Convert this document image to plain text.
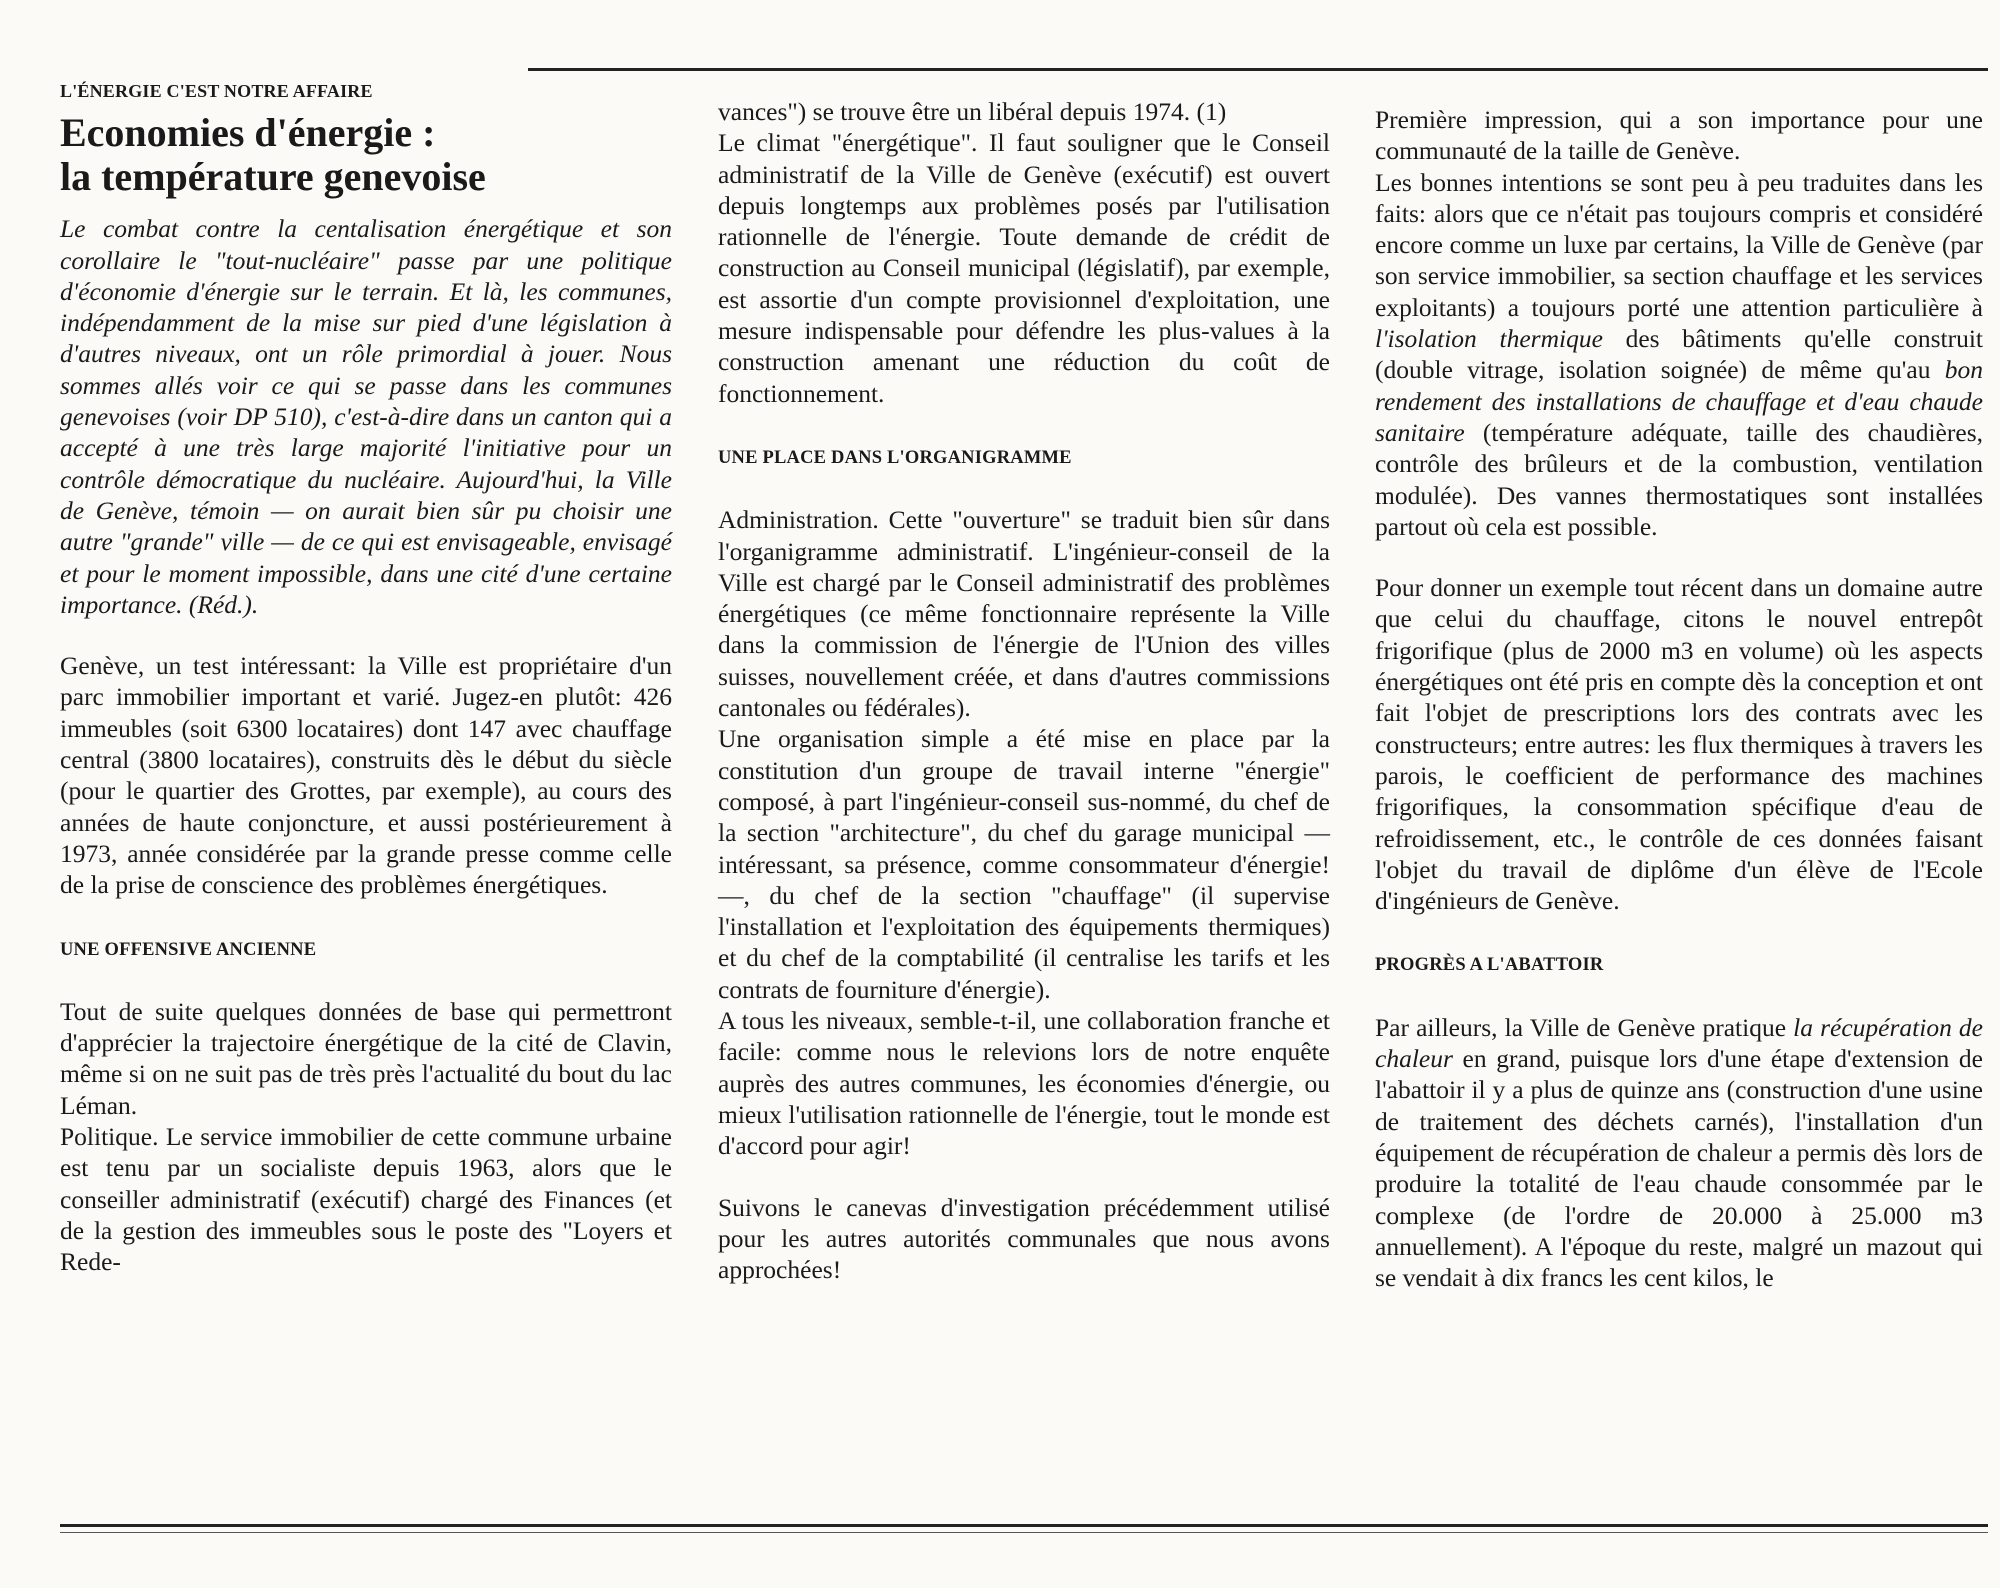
L'ÉNERGIE C'EST NOTRE AFFAIRE
Economies d'énergie :
la température genevoise

Le combat contre la centalisation énergétique et son corollaire le "tout-nucléaire" passe par une politique d'économie d'énergie sur le terrain. Et là, les communes, indépendamment de la mise sur pied d'une législation à d'autres niveaux, ont un rôle primordial à jouer. Nous sommes allés voir ce qui se passe dans les communes genevoises (voir DP 510), c'est-à-dire dans un canton qui a accepté à une très large majorité l'initiative pour un contrôle démocratique du nucléaire. Aujourd'hui, la Ville de Genève, témoin — on aurait bien sûr pu choisir une autre "grande" ville — de ce qui est envisageable, envisagé et pour le moment impossible, dans une cité d'une certaine importance. (Réd.).

Genève, un test intéressant: la Ville est propriétaire d'un parc immobilier important et varié. Jugez-en plutôt: 426 immeubles (soit 6300 locataires) dont 147 avec chauffage central (3800 locataires), construits dès le début du siècle (pour le quartier des Grottes, par exemple), au cours des années de haute conjoncture, et aussi postérieurement à 1973, année considérée par la grande presse comme celle de la prise de conscience des problèmes énergétiques.

UNE OFFENSIVE ANCIENNE

Tout de suite quelques données de base qui permettront d'apprécier la trajectoire énergétique de la cité de Clavin, même si on ne suit pas de très près l'actualité du bout du lac Léman.

Politique. Le service immobilier de cette commune urbaine est tenu par un socialiste depuis 1963, alors que le conseiller administratif (exécutif) chargé des Finances (et de la gestion des immeubles sous le poste des "Loyers et Rede-

vances") se trouve être un libéral depuis 1974. (1)

Le climat "énergétique". Il faut souligner que le Conseil administratif de la Ville de Genève (exécutif) est ouvert depuis longtemps aux problèmes posés par l'utilisation rationnelle de l'énergie. Toute demande de crédit de construction au Conseil municipal (législatif), par exemple, est assortie d'un compte provisionnel d'exploitation, une mesure indispensable pour défendre les plus-values à la construction amenant une réduction du coût de fonctionnement.

UNE PLACE DANS L'ORGANIGRAMME

Administration. Cette "ouverture" se traduit bien sûr dans l'organigramme administratif. L'ingénieur-conseil de la Ville est chargé par le Conseil administratif des problèmes énergétiques (ce même fonctionnaire représente la Ville dans la commission de l'énergie de l'Union des villes suisses, nouvellement créée, et dans d'autres commissions cantonales ou fédérales).

Une organisation simple a été mise en place par la constitution d'un groupe de travail interne "énergie" composé, à part l'ingénieur-conseil sus-nommé, du chef de la section "architecture", du chef du garage municipal — intéressant, sa présence, comme consommateur d'énergie! —, du chef de la section "chauffage" (il supervise l'installation et l'exploitation des équipements thermiques) et du chef de la comptabilité (il centralise les tarifs et les contrats de fourniture d'énergie).

A tous les niveaux, semble-t-il, une collaboration franche et facile: comme nous le relevions lors de notre enquête auprès des autres communes, les économies d'énergie, ou mieux l'utilisation rationnelle de l'énergie, tout le monde est d'accord pour agir!

Suivons le canevas d'investigation précédemment utilisé pour les autres autorités communales que nous avons approchées!

Première impression, qui a son importance pour une communauté de la taille de Genève.

Les bonnes intentions se sont peu à peu traduites dans les faits: alors que ce n'était pas toujours compris et considéré encore comme un luxe par certains, la Ville de Genève (par son service immobilier, sa section chauffage et les services exploitants) a toujours porté une attention particulière à l'isolation thermique des bâtiments qu'elle construit (double vitrage, isolation soignée) de même qu'au bon rendement des installations de chauffage et d'eau chaude sanitaire (température adéquate, taille des chaudières, contrôle des brûleurs et de la combustion, ventilation modulée). Des vannes thermostatiques sont installées partout où cela est possible.

Pour donner un exemple tout récent dans un domaine autre que celui du chauffage, citons le nouvel entrepôt frigorifique (plus de 2000 m3 en volume) où les aspects énergétiques ont été pris en compte dès la conception et ont fait l'objet de prescriptions lors des contrats avec les constructeurs; entre autres: les flux thermiques à travers les parois, le coefficient de performance des machines frigorifiques, la consommation spécifique d'eau de refroidissement, etc., le contrôle de ces données faisant l'objet du travail de diplôme d'un élève de l'Ecole d'ingénieurs de Genève.

PROGRÈS A L'ABATTOIR

Par ailleurs, la Ville de Genève pratique la récupération de chaleur en grand, puisque lors d'une étape d'extension de l'abattoir il y a plus de quinze ans (construction d'une usine de traitement des déchets carnés), l'installation d'un équipement de récupération de chaleur a permis dès lors de produire la totalité de l'eau chaude consommée par le complexe (de l'ordre de 20.000 à 25.000 m3 annuellement). A l'époque du reste, malgré un mazout qui se vendait à dix francs les cent kilos, le
